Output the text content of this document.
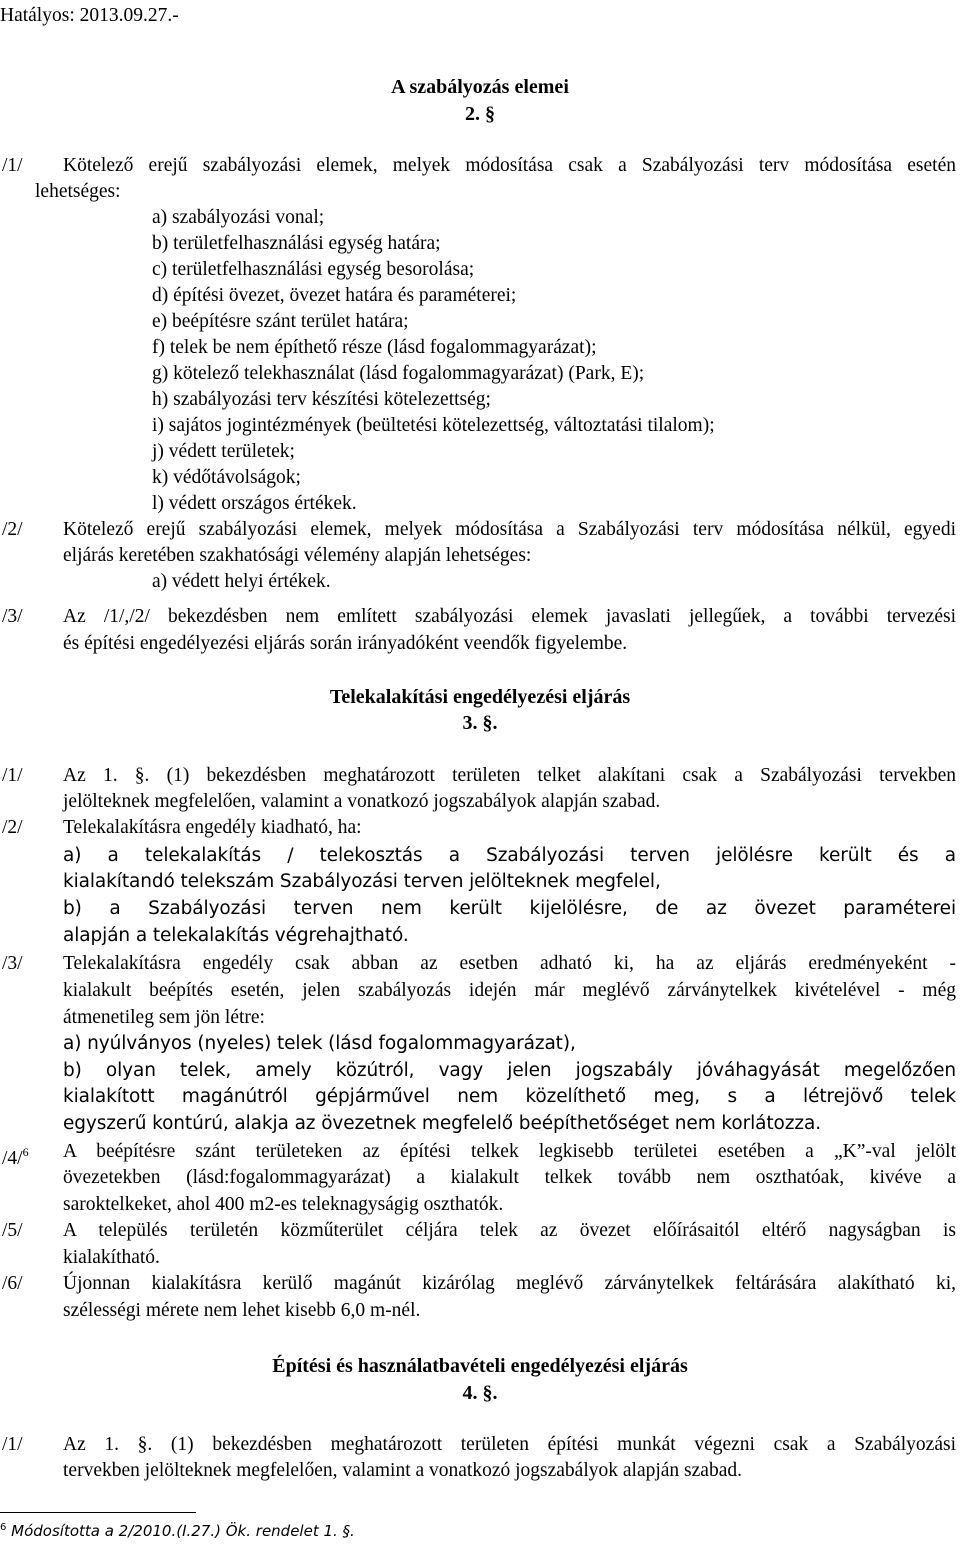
Hatályos: 2013.09.27.-
A szabályozás elemei
2. §
/1/ Kötelező erejű szabályozási elemek, melyek módosítása csak a Szabályozási terv módosítása esetén
lehetséges:
a) szabályozási vonal;
b) területfelhasználási egység határa;
c) területfelhasználási egység besorolása;
d) építési övezet, övezet határa és paraméterei;
e) beépítésre szánt terület határa;
f) telek be nem építhető része (lásd fogalommagyarázat);
g) kötelező telekhasználat (lásd fogalommagyarázat) (Park, E);
h) szabályozási terv készítési kötelezettség;
i) sajátos jogintézmények (beültetési kötelezettség, változtatási tilalom);
j) védett területek;
k) védőtávolságok;
l) védett országos értékek.
/2/ Kötelező erejű szabályozási elemek, melyek módosítása a Szabályozási terv módosítása nélkül, egyedi
eljárás keretében szakhatósági vélemény alapján lehetséges:
a) védett helyi értékek.
/3/ Az /1/,/2/ bekezdésben nem említett szabályozási elemek javaslati jellegűek, a további tervezési
és építési engedélyezési eljárás során irányadóként veendők figyelembe.
Telekalakítási engedélyezési eljárás
3. §.
/1/ Az 1. §. (1) bekezdésben meghatározott területen telket alakítani csak a Szabályozási tervekben
jelölteknek megfelelően, valamint a vonatkozó jogszabályok alapján szabad.
/2/ Telekalakításra engedély kiadható, ha:
a) a telekalakítás / telekosztás a Szabályozási terven jelölésre került és a
kialakítandó telekszám Szabályozási terven jelölteknek megfelel,
b) a Szabályozási terven nem került kijelölésre, de az övezet paraméterei
alapján a telekalakítás végrehajtható.
/3/ Telekalakításra engedély csak abban az esetben adható ki, ha az eljárás eredményeként -
kialakult beépítés esetén, jelen szabályozás idején már meglévő zárványtelkek kivételével - még
átmenetileg sem jön létre:
a) nyúlványos (nyeles) telek (lásd fogalommagyarázat),
b) olyan telek, amely közútról, vagy jelen jogszabály jóváhagyását megelőzően
kialakított magánútról gépjárművel nem közelíthető meg, s a létrejövő telek
egyszerű kontúrú, alakja az övezetnek megfelelő beépíthetőséget nem korlátozza.
/4/$^6$ A beépítésre szánt területeken az építési telkek legkisebb területei esetében a „K”-val jelölt
övezetekben (lásd:fogalommagyarázat) a kialakult telkek tovább nem oszthatóak, kivéve a
saroktelkeket, ahol 400 m2-es teleknagyságig oszthatók.
/5/ A település területén közműterület céljára telek az övezet előírásaitól eltérő nagyságban is
kialakítható.
/6/ Újonnan kialakításra kerülő magánút kizárólag meglévő zárványtelkek feltárására alakítható ki,
szélességi mérete nem lehet kisebb 6,0 m-nél.
Építési és használatbavételi engedélyezési eljárás
4. §.
/1/ Az 1. §. (1) bekezdésben meghatározott területen építési munkát végezni csak a Szabályozási
tervekben jelölteknek megfelelően, valamint a vonatkozó jogszabályok alapján szabad.
$^6$ Módosította a 2/2010.(I.27.) Ök. rendelet 1. §.
